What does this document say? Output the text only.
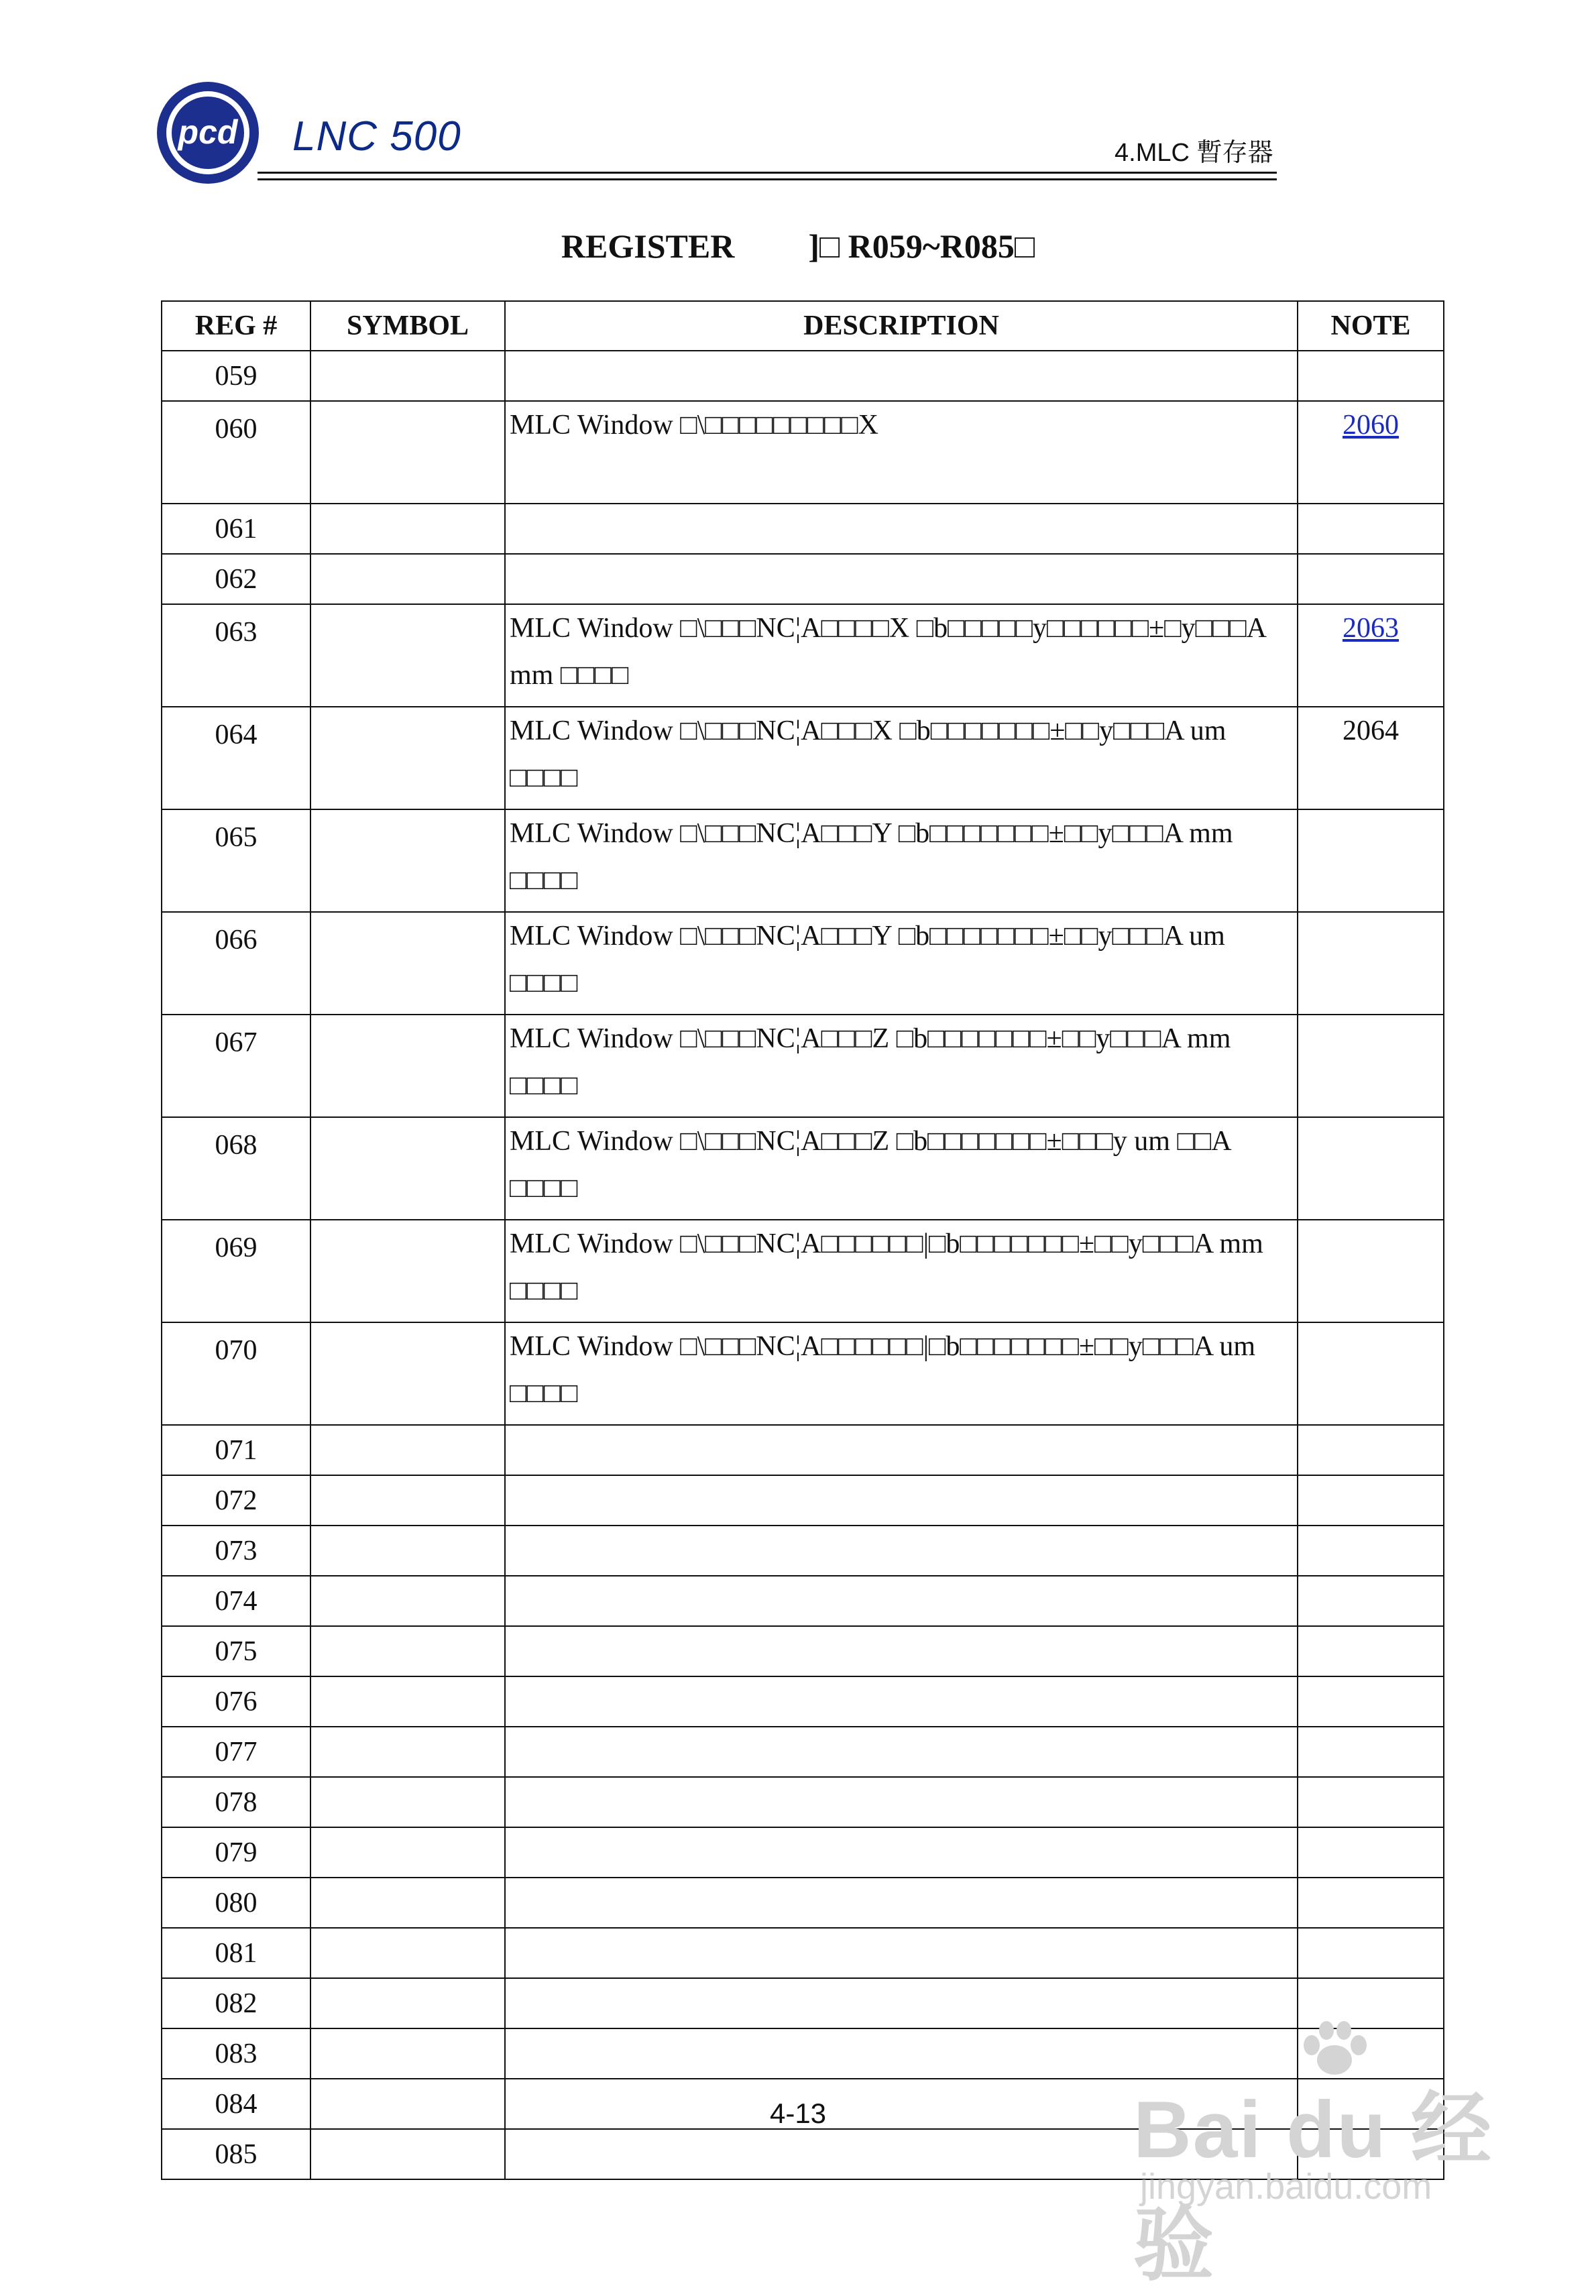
pcd LNC 500	4.MLC 暫存器
REGISTER ]□ R059~R085□
REG #	SYMBOL	DESCRIPTION	NOTE
059			
060		MLC Window □\□□□□□□□□□X	2060
061			
062			
063		MLC Window □\□□□NC¦A□□□□X □b□□□□□y□□□□□□±□y□□□A mm □□□□	2063
064		MLC Window □\□□□NC¦A□□□X □b□□□□□□□±□□y□□□A um □□□□	2064
065		MLC Window □\□□□NC¦A□□□Y □b□□□□□□□±□□y□□□A mm □□□□	
066		MLC Window □\□□□NC¦A□□□Y □b□□□□□□□±□□y□□□A um □□□□	
067		MLC Window □\□□□NC¦A□□□Z □b□□□□□□□±□□y□□□A mm □□□□	
068		MLC Window □\□□□NC¦A□□□Z □b□□□□□□□±□□□y um □□A □□□□	
069		MLC Window □\□□□NC¦A□□□□□□|□b□□□□□□□±□□y□□□A mm □□□□	
070		MLC Window □\□□□NC¦A□□□□□□|□b□□□□□□□±□□y□□□A um □□□□	
071			
072			
073			
074			
075			
076			
077			
078			
079			
080			
081			
082			
083			
084			
085			
4-13	Bai du 经验
jingyan.baidu.com
